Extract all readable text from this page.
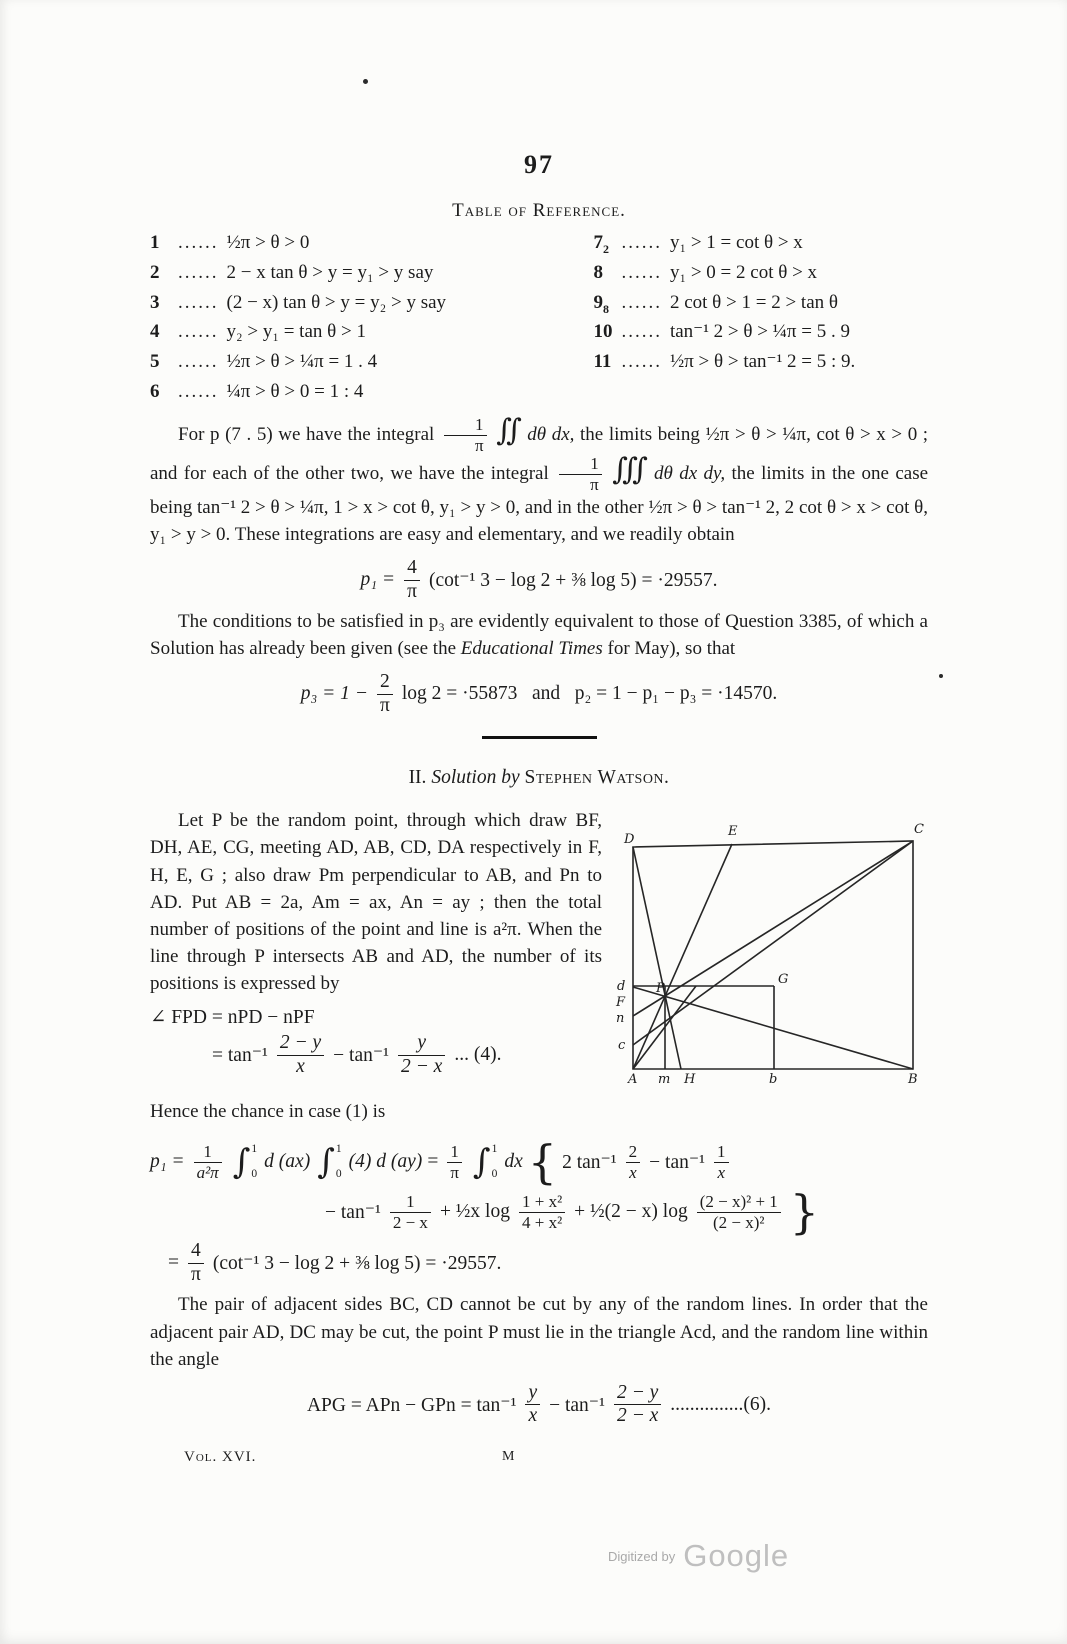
97
Table of Reference.
1 ...... ½π > θ > 0
2 ...... 2 − x tan θ > y = y₁ > y say
3 ...... (2 − x) tan θ > y = y₂ > y say
4 ...... y₂ > y₁ = tan θ > 1
5 ...... ½π > θ > ¼π = 1 . 4
6 ...... ¼π > θ > 0 = 1 : 4
$7_2$ ...... y₁ > 1 = cot θ > x
8 ...... y₁ > 0 = 2 cot θ > x
$9_8$ ...... 2 cot θ > 1 = 2 > tan θ
10 ...... tan⁻¹ 2 > θ > ¼π = 5 . 9
11 ...... ½π > θ > tan⁻¹ 2 = 5 : 9.

For p (7 . 5) we have the integral $\frac{1}{\pi}$ ∬ dθ dx, the limits being ½π > θ > ¼π, cot θ > x > 0 ; and for each of the other two, we have the integral $\frac{1}{\pi}$ ∭ dθ dx dy, the limits in the one case being tan⁻¹ 2 > θ > ¼π, 1 > x > cot θ, y₁ > y > 0, and in the other ½π > θ > tan⁻¹ 2, 2 cot θ > x > cot θ, y₁ > y > 0. These integrations are easy and elementary, and we readily obtain

$p_1 = \frac{4}{\pi} (\cot^{-1}$ 3 − log 2 + ⅜ log 5) = ·29557.

The conditions to be satisfied in p₃ are evidently equivalent to those of Question 3385, of which a Solution has already been given (see the Educational Times for May), so that

$p_3 = 1 - \frac{2}{\pi}$ log 2 = ·55873   and   p₂ = 1 − p₁ − p₃ = ·14570.
II. Solution by Stephen Watson.

Let P be the random point, through which draw BF, DH, AE, CG, meeting AD, AB, CD, DA respectively in F, H, E, G ; also draw Pm perpendicular to AB, and Pn to AD. Put AB = 2a, Am = ax, An = ay ; then the total number of positions of the point and line is a²π. When the line through P intersects AB and AD, the number of its positions is expressed by

∠ FPD = nPD − nPF
= $\tan^{-1} \frac{2 - y}{x} - \tan^{-1} \frac{y}{2 - x}$ ... (4).
D
E	C
d
F
n
c
P
G
A m H	b	B

Hence the chance in case (1) is

$p_1 = \frac{1}{\text{a²π}}$ ∫ 1
0
d (ax) ∫ 1
0
(4) d $(ay) = \frac{1}{\pi}$ ∫ 1
0
dx { 2 $\tan^{-1} \frac{2}{x} - \tan^{-1} \frac{1}{x}$
− $\tan^{-1} \frac{1}{2 - x}$ + ½x $\log \frac{\text{1 + x²}}{\text{4 + x²}}$ + ½(2 − x) $\log \frac{\text{(2 − x)² + 1}}{\text{(2 − x)²}}$ }
= $\frac{4}{\pi} (\cot^{-1}$ 3 − log 2 + ⅜ log 5) = ·29557.

The pair of adjacent sides BC, CD cannot be cut by any of the random lines. In order that the adjacent pair AD, DC may be cut, the point P must lie in the triangle Acd, and the random line within the angle

APG = APn − GPn = $\tan^{-1} \frac{y}{x} - \tan^{-1} \frac{2 - y}{2 - x} ...............(6)$.
Vol. XVI.	M
Digitized by Google
